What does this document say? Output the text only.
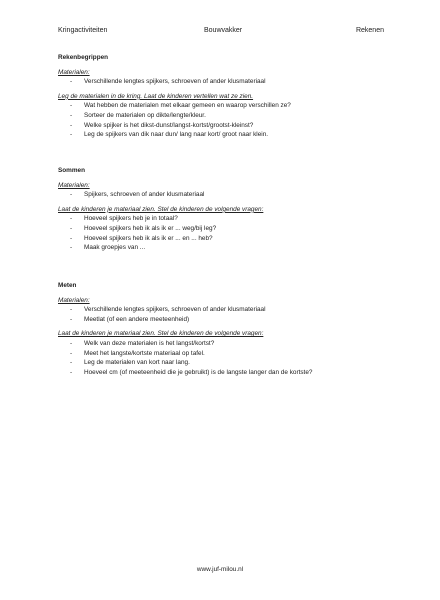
Kringactiviteiten	Bouwvakker	Rekenen
Rekenbegrippen
Materialen:
- Verschillende lengtes spijkers, schroeven of ander klusmateriaal
Leg de materialen in de kring. Laat de kinderen vertellen wat ze zien.
- Wat hebben de materialen met elkaar gemeen en waarop verschillen ze?
- Sorteer de materialen op dikte/lengte/kleur.
- Welke spijker is het dikst-dunst/langst-kortst/grootst-kleinst?
- Leg de spijkers van dik naar dun/ lang naar kort/ groot naar klein.
Sommen
Materialen:
- Spijkers, schroeven of ander klusmateriaal
Laat de kinderen je materiaal zien. Stel de kinderen de volgende vragen:
- Hoeveel spijkers heb je in totaal?
- Hoeveel spijkers heb ik als ik er ... weg/bij leg?
- Hoeveel spijkers heb ik als ik er ... en ... heb?
- Maak groepjes van ...
Meten
Materialen:
- Verschillende lengtes spijkers, schroeven of ander klusmateriaal
- Meetlat (of een andere meeteenheid)
Laat de kinderen je materiaal zien. Stel de kinderen de volgende vragen:
- Welk van deze materialen is het langst/kortst?
- Meet het langste/kortste materiaal op tafel.
- Leg de materialen van kort naar lang.
- Hoeveel cm (of meeteenheid die je gebruikt) is de langste langer dan de kortste?
www.juf-milou.nl
